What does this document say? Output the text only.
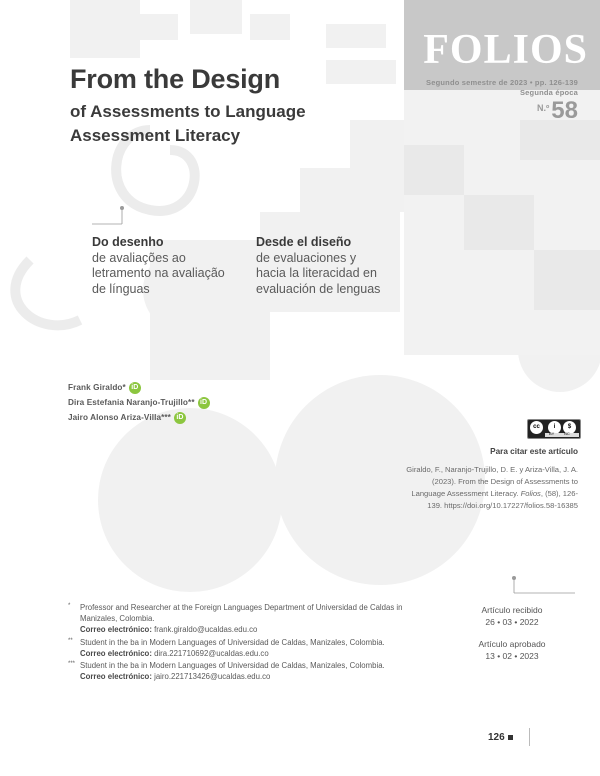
FOLIOS
Segundo semestre de 2023 • pp. 126-139
Segunda época
$^{N.º}$58
From the Design
of Assessments to Language
Assessment Literacy
Do desenho
de avaliações ao
letramento na avaliação
de línguas
Desde el diseño
de evaluaciones y
hacia la literacidad en
evaluación de lenguas
Frank Giraldo* iD
Dira Estefania Naranjo-Trujillo** iD
Jairo Alonso Ariza-Villa*** iD
cc	i	$
BY NC
Para citar este artículo
Giraldo, F., Naranjo-Trujillo, D. E. y Ariza-Villa, J. A. (2023). From the Design of Assessments to Language Assessment Literacy. Folios, (58), 126-139. https://doi.org/10.17227/folios.58-16385
Artículo recibido
26 • 03 • 2022
Artículo aprobado
13 • 02 • 2023
* Professor and Researcher at the Foreign Languages Department of Universidad de Caldas in Manizales, Colombia.
Correo electrónico: frank.giraldo@ucaldas.edu.co
** Student in the ba in Modern Languages of Universidad de Caldas, Manizales, Colombia.
Correo electrónico: dira.221710692@ucaldas.edu.co
*** Student in the ba in Modern Languages of Universidad de Caldas, Manizales, Colombia.
Correo electrónico: jairo.221713426@ucaldas.edu.co
126
